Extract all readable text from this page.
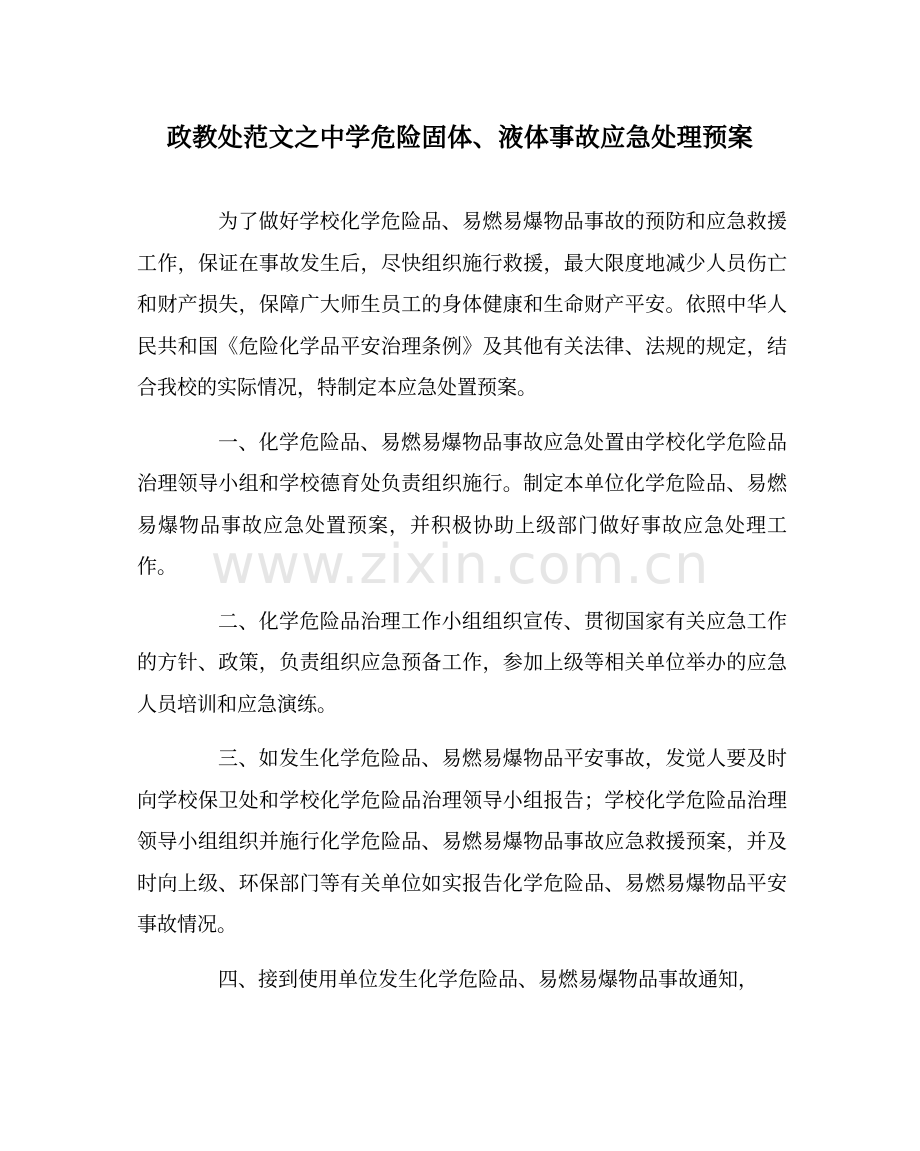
政教处范文之中学危险固体、液体事故应急处理预案

为了做好学校化学危险品、易燃易爆物品事故的预防和应急救援工作，保证在事故发生后，尽快组织施行救援，最大限度地减少人员伤亡和财产损失，保障广大师生员工的身体健康和生命财产平安。依照中华人民共和国《危险化学品平安治理条例》及其他有关法律、法规的规定，结合我校的实际情况，特制定本应急处置预案。

一、化学危险品、易燃易爆物品事故应急处置由学校化学危险品治理领导小组和学校德育处负责组织施行。制定本单位化学危险品、易燃易爆物品事故应急处置预案，并积极协助上级部门做好事故应急处理工作。

二、化学危险品治理工作小组组织宣传、贯彻国家有关应急工作的方针、政策，负责组织应急预备工作，参加上级等相关单位举办的应急人员培训和应急演练。

三、如发生化学危险品、易燃易爆物品平安事故，发觉人要及时向学校保卫处和学校化学危险品治理领导小组报告；学校化学危险品治理领导小组组织并施行化学危险品、易燃易爆物品事故应急救援预案，并及时向上级、环保部门等有关单位如实报告化学危险品、易燃易爆物品平安事故情况。

四、接到使用单位发生化学危险品、易燃易爆物品事故通知，

www.zixin.com.cn
